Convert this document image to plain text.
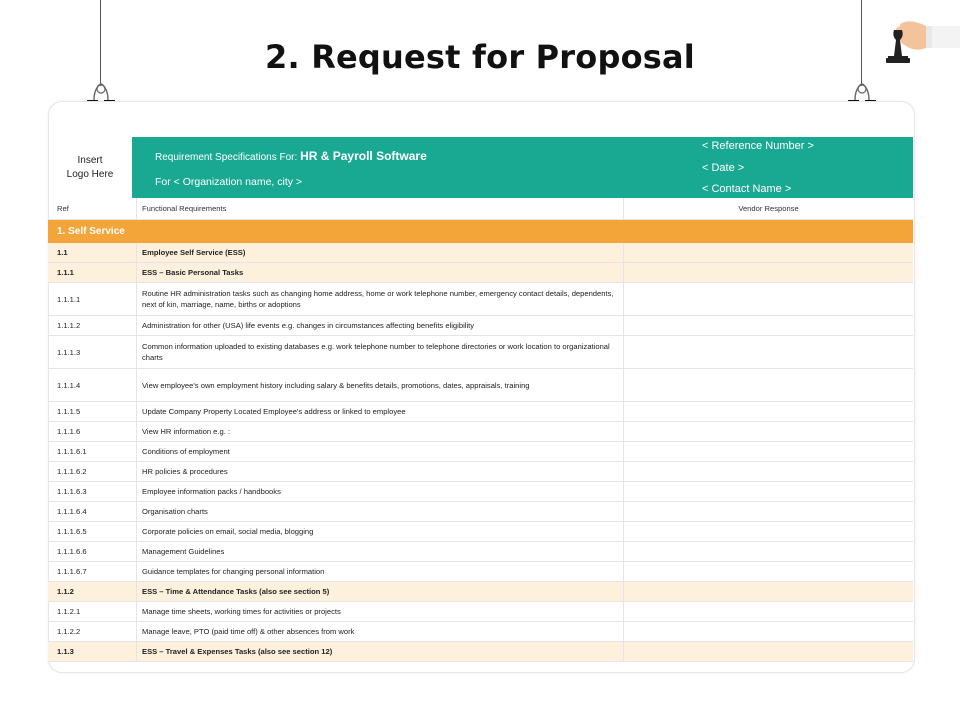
2. Request for Proposal
Insert
Logo Here
Requirement Specifications For: HR & Payroll Software
For < Organization name, city >
< Reference Number >
< Date >
< Contact Name >
Ref	Functional Requirements	Vendor Response
1. Self Service		
1.1	Employee Self Service (ESS)	
1.1.1	ESS – Basic Personal Tasks	
1.1.1.1	Routine HR administration tasks such as changing home address, home or work telephone number, emergency contact details, dependents, next of kin, marriage, name, births or adoptions	
1.1.1.2	Administration for other (USA) life events e.g. changes in circumstances affecting benefits eligibility	
1.1.1.3	Common information uploaded to existing databases e.g. work telephone number to telephone directories or work location to organizational charts	
1.1.1.4	View employee's own employment history including salary & benefits details, promotions, dates, appraisals, training	
1.1.1.5	Update Company Property Located Employee's address or linked to employee	
1.1.1.6	View HR information e.g. :	
1.1.1.6.1	Conditions of employment	
1.1.1.6.2	HR policies & procedures	
1.1.1.6.3	Employee information packs / handbooks	
1.1.1.6.4	Organisation charts	
1.1.1.6.5	Corporate policies on email, social media, blogging	
1.1.1.6.6	Management Guidelines	
1.1.1.6.7	Guidance templates for changing personal information	
1.1.2	ESS – Time & Attendance Tasks (also see section 5)	
1.1.2.1	Manage time sheets, working times for activities or projects	
1.1.2.2	Manage leave, PTO (paid time off) & other absences from work	
1.1.3	ESS – Travel & Expenses Tasks (also see section 12)	
